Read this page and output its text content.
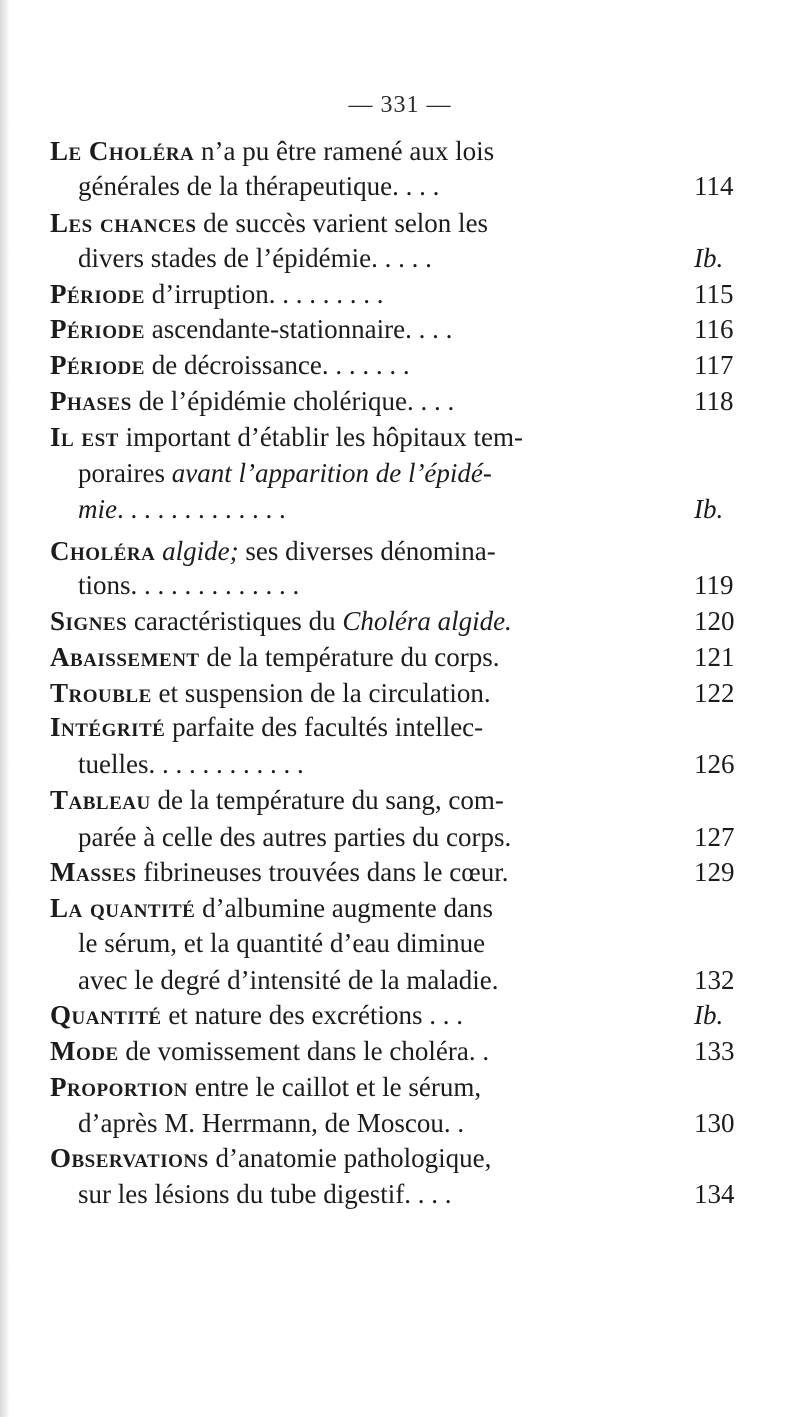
— 331 —
Le Choléra n’a pu être ramené aux lois
générales de la thérapeutique. . . .	114
Les chances de succès varient selon les
divers stades de l’épidémie. . . . .	Ib.
Période d’irruption. . . . . . . . .	115
Période ascendante-stationnaire. . . .	116
Période de décroissance. . . . . . .	117
Phases de l’épidémie cholérique. . . .	118
Il est important d’établir les hôpitaux tem-
poraires avant l’apparition de l’épidé-
mie. . . . . . . . . . . . .	Ib.
Choléra algide; ses diverses dénomina-
tions. . . . . . . . . . . . .	119
Signes caractéristiques du Choléra algide.	120
Abaissement de la température du corps.	121
Trouble et suspension de la circulation.	122
Intégrité parfaite des facultés intellec-
tuelles. . . . . . . . . . . .	126
Tableau de la température du sang, com-
parée à celle des autres parties du corps.	127
Masses fibrineuses trouvées dans le cœur.	129
La quantité d’albumine augmente dans
le sérum, et la quantité d’eau diminue
avec le degré d’intensité de la maladie.	132
Quantité et nature des excrétions . . .	Ib.
Mode de vomissement dans le choléra. .	133
Proportion entre le caillot et le sérum,
d’après M. Herrmann, de Moscou. .	130
Observations d’anatomie pathologique,
sur les lésions du tube digestif. . . .	134
